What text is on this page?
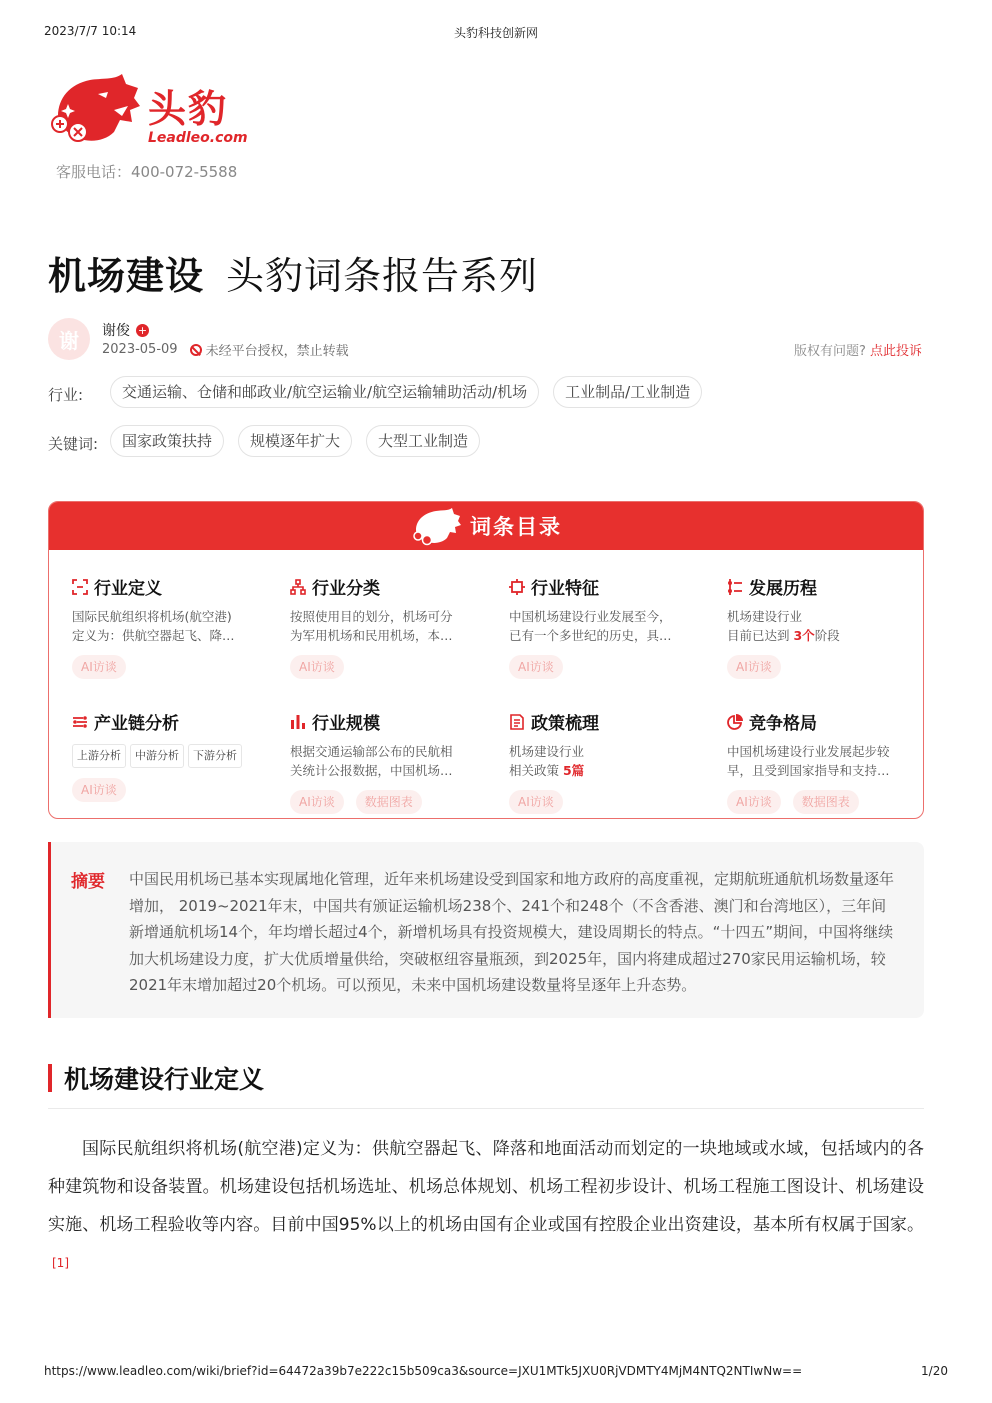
2023/7/7 10:14	头豹科技创新网
头豹
Leadleo.com
客服电话：400-072-5588
机场建设 头豹词条报告系列
谢	谢俊 +
2023-05-09	未经平台授权，禁止转载	版权有问题? 点此投诉
行业:	交通运输、仓储和邮政业/航空运输业/航空运输辅助活动/机场	工业制品/工业制造
关键词:	国家政策扶持	规模逐年扩大	大型工业制造
词条目录
行业定义
国际民航组织将机场(航空港)
定义为：供航空器起飞、降…
AI访谈
行业分类
按照使用目的划分，机场可分
为军用机场和民用机场，本…
AI访谈
行业特征
中国机场建设行业发展至今，
已有一个多世纪的历史，具…
AI访谈
发展历程
机场建设行业
目前已达到 3个阶段
AI访谈
产业链分析
上游分析	中游分析	下游分析
AI访谈
行业规模
根据交通运输部公布的民航相
关统计公报数据，中国机场…
AI访谈	数据图表
政策梳理
机场建设行业
相关政策 5篇
AI访谈
竞争格局
中国机场建设行业发展起步较
早，且受到国家指导和支持…
AI访谈	数据图表
摘要 中国民用机场已基本实现属地化管理，近年来机场建设受到国家和地方政府的高度重视，定期航班通航机场数量逐年增加， 2019~2021年末，中国共有颁证运输机场238个、241个和248个（不含香港、澳门和台湾地区），三年间新增通航机场14个，年均增长超过4个，新增机场具有投资规模大，建设周期长的特点。“十四五”期间，中国将继续加大机场建设力度，扩大优质增量供给，突破枢纽容量瓶颈，到2025年，国内将建成超过270家民用运输机场，较2021年末增加超过20个机场。可以预见，未来中国机场建设数量将呈逐年上升态势。
机场建设行业定义
国际民航组织将机场(航空港)定义为：供航空器起飞、降落和地面活动而划定的一块地域或水域，包括域内的各种建筑物和设备装置。机场建设包括机场选址、机场总体规划、机场工程初步设计、机场工程施工图设计、机场建设实施、机场工程验收等内容。目前中国95%以上的机场由国有企业或国有控股企业出资建设，基本所有权属于国家。[1]
https://www.leadleo.com/wiki/brief?id=64472a39b7e222c15b509ca3&source=JXU1MTk5JXU0RjVDMTY4MjM4NTQ2NTIwNw==	1/20
